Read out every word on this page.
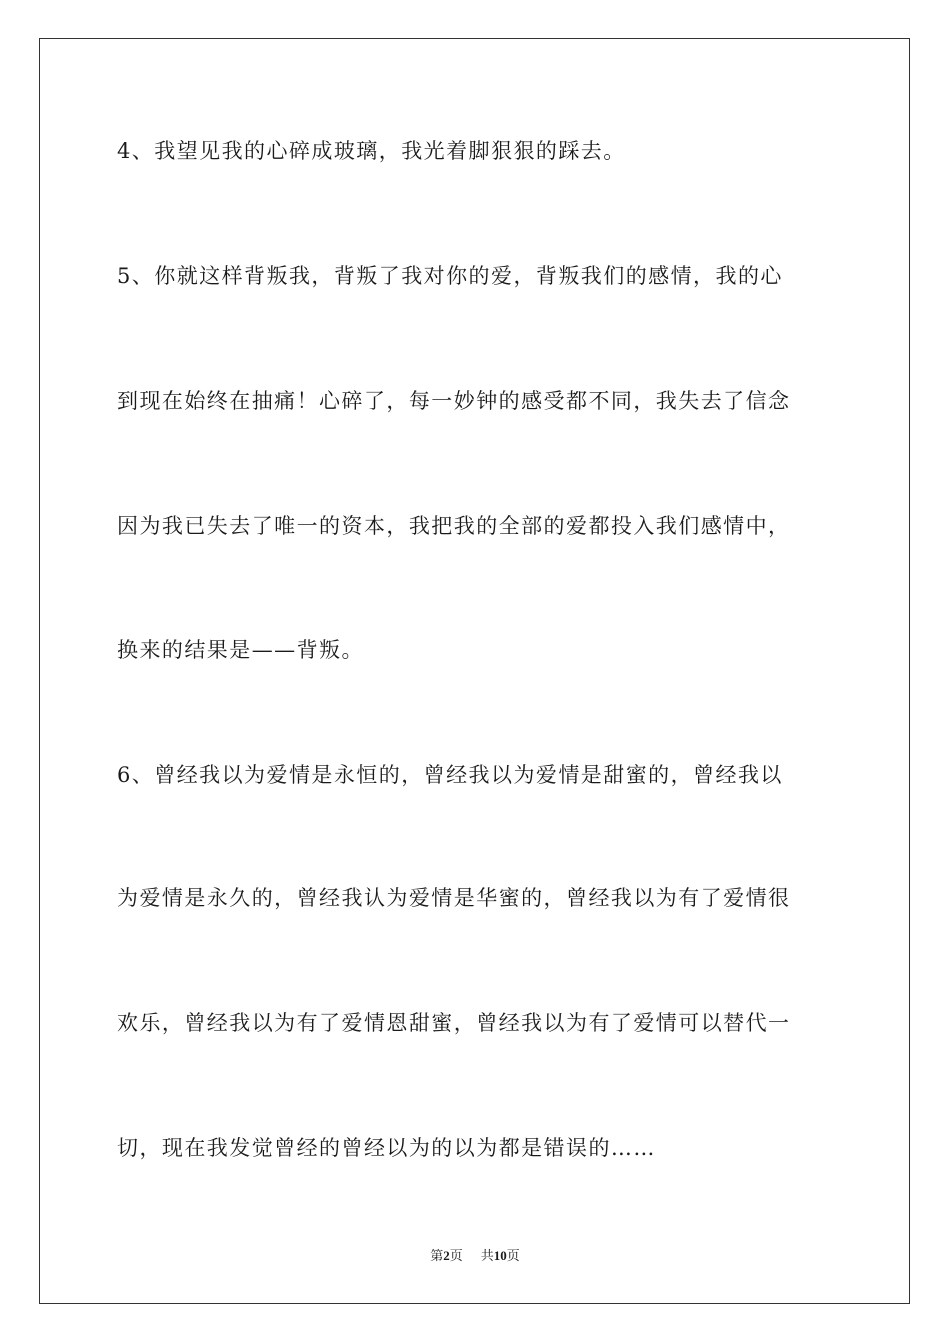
4、我望见我的心碎成玻璃，我光着脚狠狠的踩去。

5、你就这样背叛我，背叛了我对你的爱，背叛我们的感情，我的心

到现在始终在抽痛！心碎了，每一妙钟的感受都不同，我失去了信念

因为我已失去了唯一的资本，我把我的全部的爱都投入我们感情中，

换来的结果是——背叛。

6、曾经我以为爱情是永恒的，曾经我以为爱情是甜蜜的，曾经我以

为爱情是永久的，曾经我认为爱情是华蜜的，曾经我以为有了爱情很

欢乐，曾经我以为有了爱情恩甜蜜，曾经我以为有了爱情可以替代一

切，现在我发觉曾经的曾经以为的以为都是错误的……

第2页 共10页
